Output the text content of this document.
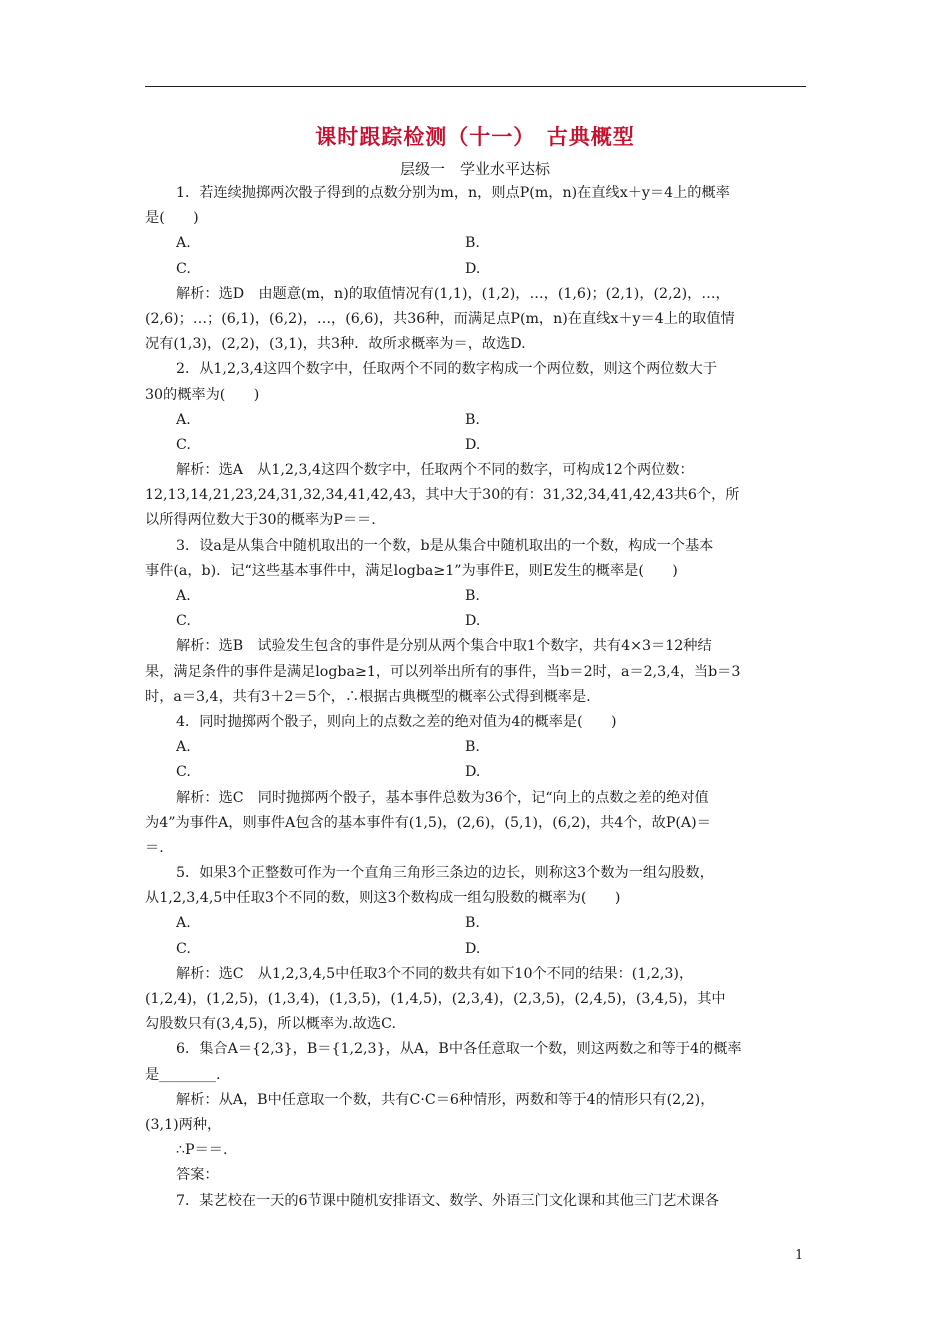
课时跟踪检测（十一）　古典概型
层级一　学业水平达标
1．若连续抛掷两次骰子得到的点数分别为m，n，则点P(m，n)在直线x＋y＝4上的概率
是(　　)
A.	B.
C.	D.
解析：选D　由题意(m，n)的取值情况有(1,1)，(1,2)，…，(1,6)；(2,1)，(2,2)，…，
(2,6)；…；(6,1)，(6,2)，…，(6,6)，共36种，而满足点P(m，n)在直线x＋y＝4上的取值情
况有(1,3)，(2,2)，(3,1)，共3种．故所求概率为＝，故选D.
2．从1,2,3,4这四个数字中，任取两个不同的数字构成一个两位数，则这个两位数大于
30的概率为(　　)
A.	B.
C.	D.
解析：选A　从1,2,3,4这四个数字中，任取两个不同的数字，可构成12个两位数：
12,13,14,21,23,24,31,32,34,41,42,43，其中大于30的有：31,32,34,41,42,43共6个，所
以所得两位数大于30的概率为P＝＝.
3．设a是从集合中随机取出的一个数，b是从集合中随机取出的一个数，构成一个基本
事件(a，b)．记“这些基本事件中，满足logba≥1”为事件E，则E发生的概率是(　　)
A.	B.
C.	D.
解析：选B　试验发生包含的事件是分别从两个集合中取1个数字，共有4×3＝12种结
果，满足条件的事件是满足logba≥1，可以列举出所有的事件，当b＝2时，a＝2,3,4，当b＝3
时，a＝3,4，共有3＋2＝5个，∴根据古典概型的概率公式得到概率是.
4．同时抛掷两个骰子，则向上的点数之差的绝对值为4的概率是(　　)
A.	B.
C.	D.
解析：选C　同时抛掷两个骰子，基本事件总数为36个，记“向上的点数之差的绝对值
为4”为事件A，则事件A包含的基本事件有(1,5)，(2,6)，(5,1)，(6,2)，共4个，故P(A)＝
＝.
5．如果3个正整数可作为一个直角三角形三条边的边长，则称这3个数为一组勾股数，
从1,2,3,4,5中任取3个不同的数，则这3个数构成一组勾股数的概率为(　　)
A.	B.
C.	D.
解析：选C　从1,2,3,4,5中任取3个不同的数共有如下10个不同的结果：(1,2,3)，
(1,2,4)，(1,2,5)，(1,3,4)，(1,3,5)，(1,4,5)，(2,3,4)，(2,3,5)，(2,4,5)，(3,4,5)，其中
勾股数只有(3,4,5)，所以概率为.故选C.
6．集合A＝{2,3}，B＝{1,2,3}，从A，B中各任意取一个数，则这两数之和等于4的概率
是________.
解析：从A，B中任意取一个数，共有C·C＝6种情形，两数和等于4的情形只有(2,2)，
(3,1)两种，
∴P＝＝.
答案：
7．某艺校在一天的6节课中随机安排语文、数学、外语三门文化课和其他三门艺术课各
1
